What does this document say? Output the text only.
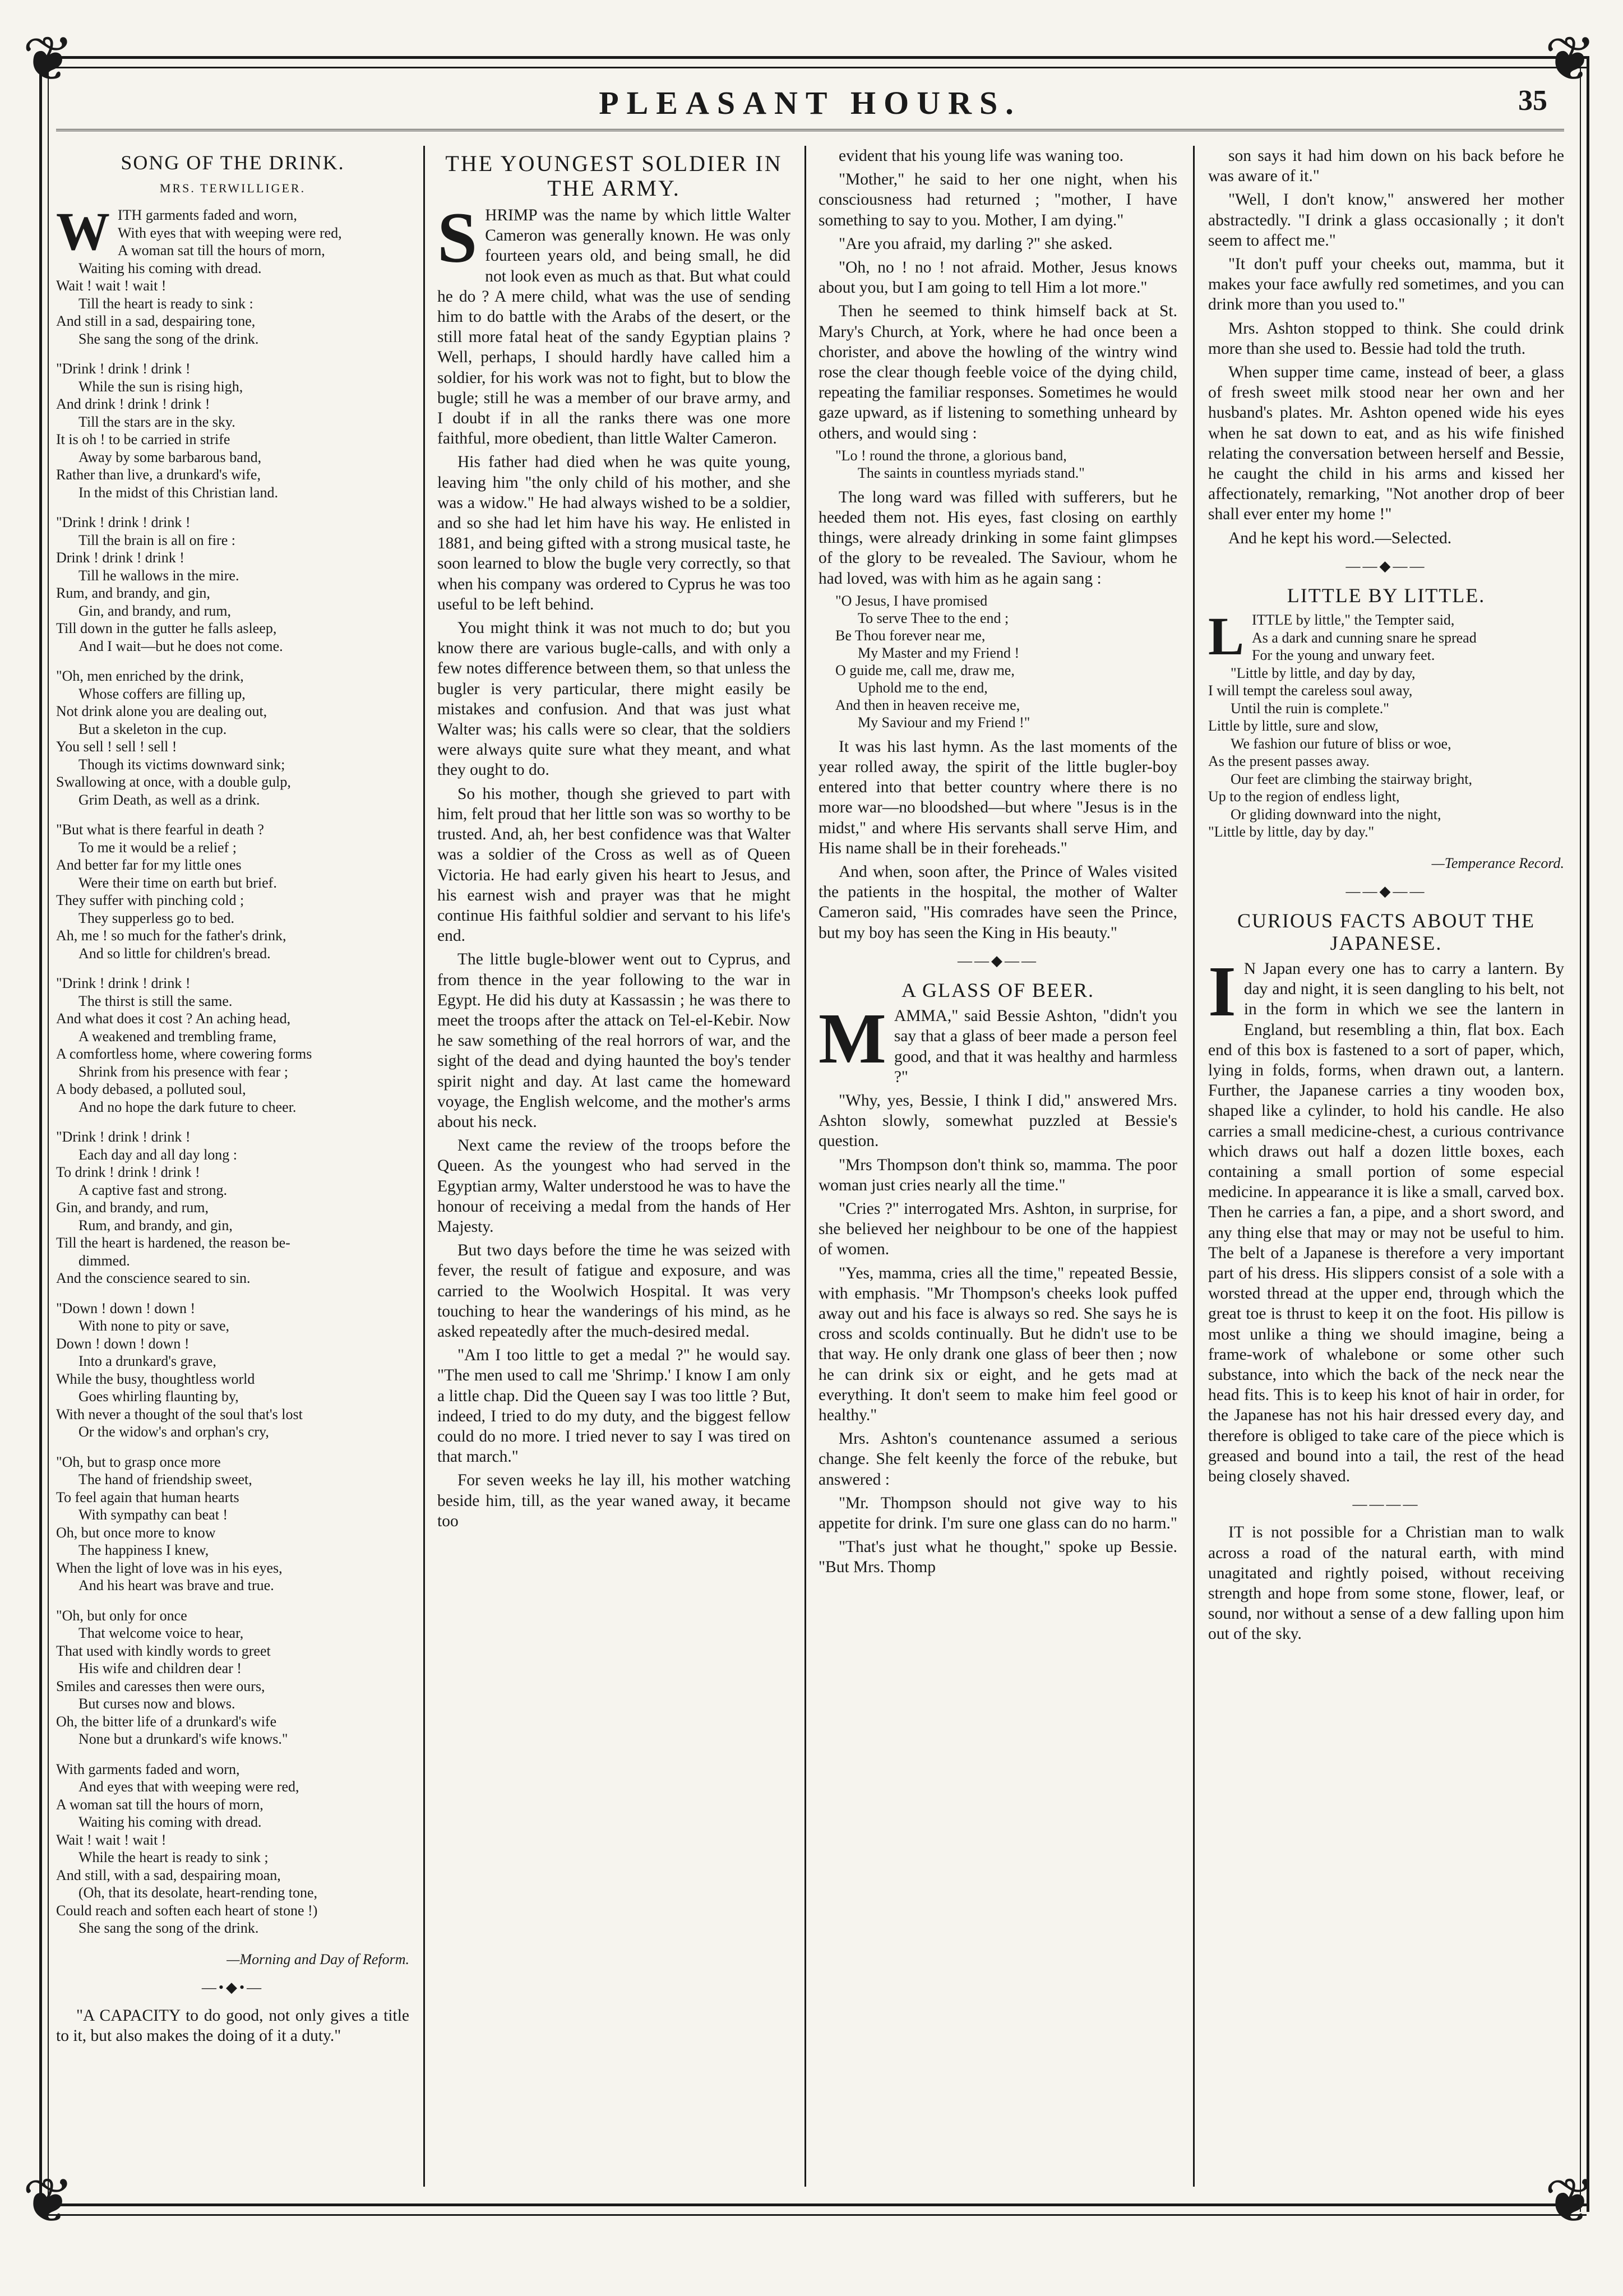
❦	❦
❦	❦
PLEASANT HOURS.	35
SONG OF THE DRINK.
MRS. TERWILLIGER.
WITH garments faded and worn,
With eyes that with weeping were red,
A woman sat till the hours of morn,
Waiting his coming with dread.
Wait ! wait ! wait !
Till the heart is ready to sink :
And still in a sad, despairing tone,
She sang the song of the drink.
"Drink ! drink ! drink !
While the sun is rising high,
And drink ! drink ! drink !
Till the stars are in the sky.
It is oh ! to be carried in strife
Away by some barbarous band,
Rather than live, a drunkard's wife,
In the midst of this Christian land.
"Drink ! drink ! drink !
Till the brain is all on fire :
Drink ! drink ! drink !
Till he wallows in the mire.
Rum, and brandy, and gin,
Gin, and brandy, and rum,
Till down in the gutter he falls asleep,
And I wait—but he does not come.
"Oh, men enriched by the drink,
Whose coffers are filling up,
Not drink alone you are dealing out,
But a skeleton in the cup.
You sell ! sell ! sell !
Though its victims downward sink;
Swallowing at once, with a double gulp,
Grim Death, as well as a drink.
"But what is there fearful in death ?
To me it would be a relief ;
And better far for my little ones
Were their time on earth but brief.
They suffer with pinching cold ;
They supperless go to bed.
Ah, me ! so much for the father's drink,
And so little for children's bread.
"Drink ! drink ! drink !
The thirst is still the same.
And what does it cost ? An aching head,
A weakened and trembling frame,
A comfortless home, where cowering forms
Shrink from his presence with fear ;
A body debased, a polluted soul,
And no hope the dark future to cheer.
"Drink ! drink ! drink !
Each day and all day long :
To drink ! drink ! drink !
A captive fast and strong.
Gin, and brandy, and rum,
Rum, and brandy, and gin,
Till the heart is hardened, the reason be-
dimmed.
And the conscience seared to sin.
"Down ! down ! down !
With none to pity or save,
Down ! down ! down !
Into a drunkard's grave,
While the busy, thoughtless world
Goes whirling flaunting by,
With never a thought of the soul that's lost
Or the widow's and orphan's cry,
"Oh, but to grasp once more
The hand of friendship sweet,
To feel again that human hearts
With sympathy can beat !
Oh, but once more to know
The happiness I knew,
When the light of love was in his eyes,
And his heart was brave and true.
"Oh, but only for once
That welcome voice to hear,
That used with kindly words to greet
His wife and children dear !
Smiles and caresses then were ours,
But curses now and blows.
Oh, the bitter life of a drunkard's wife
None but a drunkard's wife knows."
With garments faded and worn,
And eyes that with weeping were red,
A woman sat till the hours of morn,
Waiting his coming with dread.
Wait ! wait ! wait !
While the heart is ready to sink ;
And still, with a sad, despairing moan,
(Oh, that its desolate, heart-rending tone,
Could reach and soften each heart of stone !)
She sang the song of the drink.
—Morning and Day of Reform.
—•◆•—

"A CAPACITY to do good, not only gives a title to it, but also makes the doing of it a duty."

THE YOUNGEST SOLDIER IN THE ARMY.

SHRIMP was the name by which little Walter Cameron was generally known. He was only fourteen years old, and being small, he did not look even as much as that. But what could he do ? A mere child, what was the use of sending him to do battle with the Arabs of the desert, or the still more fatal heat of the sandy Egyptian plains ? Well, perhaps, I should hardly have called him a soldier, for his work was not to fight, but to blow the bugle; still he was a member of our brave army, and I doubt if in all the ranks there was one more faithful, more obedient, than little Walter Cameron.

His father had died when he was quite young, leaving him "the only child of his mother, and she was a widow." He had always wished to be a soldier, and so she had let him have his way. He enlisted in 1881, and being gifted with a strong musical taste, he soon learned to blow the bugle very correctly, so that when his company was ordered to Cyprus he was too useful to be left behind.

You might think it was not much to do; but you know there are various bugle-calls, and with only a few notes difference between them, so that unless the bugler is very particular, there might easily be mistakes and confusion. And that was just what Walter was; his calls were so clear, that the soldiers were always quite sure what they meant, and what they ought to do.

So his mother, though she grieved to part with him, felt proud that her little son was so worthy to be trusted. And, ah, her best confidence was that Walter was a soldier of the Cross as well as of Queen Victoria. He had early given his heart to Jesus, and his earnest wish and prayer was that he might continue His faithful soldier and servant to his life's end.

The little bugle-blower went out to Cyprus, and from thence in the year following to the war in Egypt. He did his duty at Kassassin ; he was there to meet the troops after the attack on Tel-el-Kebir. Now he saw something of the real horrors of war, and the sight of the dead and dying haunted the boy's tender spirit night and day. At last came the homeward voyage, the English welcome, and the mother's arms about his neck.

Next came the review of the troops before the Queen. As the youngest who had served in the Egyptian army, Walter understood he was to have the honour of receiving a medal from the hands of Her Majesty.

But two days before the time he was seized with fever, the result of fatigue and exposure, and was carried to the Woolwich Hospital. It was very touching to hear the wanderings of his mind, as he asked repeatedly after the much-desired medal.

"Am I too little to get a medal ?" he would say. "The men used to call me 'Shrimp.' I know I am only a little chap. Did the Queen say I was too little ? But, indeed, I tried to do my duty, and the biggest fellow could do no more. I tried never to say I was tired on that march."

For seven weeks he lay ill, his mother watching beside him, till, as the year waned away, it became too

evident that his young life was waning too.

"Mother," he said to her one night, when his consciousness had returned ; "mother, I have something to say to you. Mother, I am dying."

"Are you afraid, my darling ?" she asked.

"Oh, no ! no ! not afraid. Mother, Jesus knows about you, but I am going to tell Him a lot more."

Then he seemed to think himself back at St. Mary's Church, at York, where he had once been a chorister, and above the howling of the wintry wind rose the clear though feeble voice of the dying child, repeating the familiar responses. Sometimes he would gaze upward, as if listening to something unheard by others, and would sing :

"Lo ! round the throne, a glorious band,
The saints in countless myriads stand."

The long ward was filled with sufferers, but he heeded them not. His eyes, fast closing on earthly things, were already drinking in some faint glimpses of the glory to be revealed. The Saviour, whom he had loved, was with him as he again sang :

"O Jesus, I have promised
To serve Thee to the end ;
Be Thou forever near me,
My Master and my Friend !
O guide me, call me, draw me,
Uphold me to the end,
And then in heaven receive me,
My Saviour and my Friend !"

It was his last hymn. As the last moments of the year rolled away, the spirit of the little bugler-boy entered into that better country where there is no more war—no bloodshed—but where "Jesus is in the midst," and where His servants shall serve Him, and His name shall be in their foreheads."

And when, soon after, the Prince of Wales visited the patients in the hospital, the mother of Walter Cameron said, "His comrades have seen the Prince, but my boy has seen the King in His beauty."

——◆——
A GLASS OF BEER.

MAMMA," said Bessie Ashton, "didn't you say that a glass of beer made a person feel good, and that it was healthy and harmless ?"

"Why, yes, Bessie, I think I did," answered Mrs. Ashton slowly, somewhat puzzled at Bessie's question.

"Mrs Thompson don't think so, mamma. The poor woman just cries nearly all the time."

"Cries ?" interrogated Mrs. Ashton, in surprise, for she believed her neighbour to be one of the happiest of women.

"Yes, mamma, cries all the time," repeated Bessie, with emphasis. "Mr Thompson's cheeks look puffed away out and his face is always so red. She says he is cross and scolds continually. But he didn't use to be that way. He only drank one glass of beer then ; now he can drink six or eight, and he gets mad at everything. It don't seem to make him feel good or healthy."

Mrs. Ashton's countenance assumed a serious change. She felt keenly the force of the rebuke, but answered :

"Mr. Thompson should not give way to his appetite for drink. I'm sure one glass can do no harm."

"That's just what he thought," spoke up Bessie. "But Mrs. Thomp

son says it had him down on his back before he was aware of it."

"Well, I don't know," answered her mother abstractedly. "I drink a glass occasionally ; it don't seem to affect me."

"It don't puff your cheeks out, mamma, but it makes your face awfully red sometimes, and you can drink more than you used to."

Mrs. Ashton stopped to think. She could drink more than she used to. Bessie had told the truth.

When supper time came, instead of beer, a glass of fresh sweet milk stood near her own and her husband's plates. Mr. Ashton opened wide his eyes when he sat down to eat, and as his wife finished relating the conversation between herself and Bessie, he caught the child in his arms and kissed her affectionately, remarking, "Not another drop of beer shall ever enter my home !"

And he kept his word.—Selected.

——◆——
LITTLE BY LITTLE.
LITTLE by little," the Tempter said,
As a dark and cunning snare he spread
For the young and unwary feet.
"Little by little, and day by day,
I will tempt the careless soul away,
Until the ruin is complete."
Little by little, sure and slow,
We fashion our future of bliss or woe,
As the present passes away.
Our feet are climbing the stairway bright,
Up to the region of endless light,
Or gliding downward into the night,
"Little by little, day by day."
—Temperance Record.
——◆——
CURIOUS FACTS ABOUT THE JAPANESE.

I N Japan every one has to carry a lantern. By day and night, it is seen dangling to his belt, not in the form in which we see the lantern in England, but resembling a thin, flat box. Each end of this box is fastened to a sort of paper, which, lying in folds, forms, when drawn out, a lantern. Further, the Japanese carries a tiny wooden box, shaped like a cylinder, to hold his candle. He also carries a small medicine-chest, a curious contrivance which draws out half a dozen little boxes, each containing a small portion of some especial medicine. In appearance it is like a small, carved box. Then he carries a fan, a pipe, and a short sword, and any thing else that may or may not be useful to him. The belt of a Japanese is therefore a very important part of his dress. His slippers consist of a sole with a worsted thread at the upper end, through which the great toe is thrust to keep it on the foot. His pillow is most unlike a thing we should imagine, being a frame-work of whalebone or some other such substance, into which the back of the neck near the head fits. This is to keep his knot of hair in order, for the Japanese has not his hair dressed every day, and therefore is obliged to take care of the piece which is greased and bound into a tail, the rest of the head being closely shaved.

————

IT is not possible for a Christian man to walk across a road of the natural earth, with mind unagitated and rightly poised, without receiving strength and hope from some stone, flower, leaf, or sound, nor without a sense of a dew falling upon him out of the sky.
